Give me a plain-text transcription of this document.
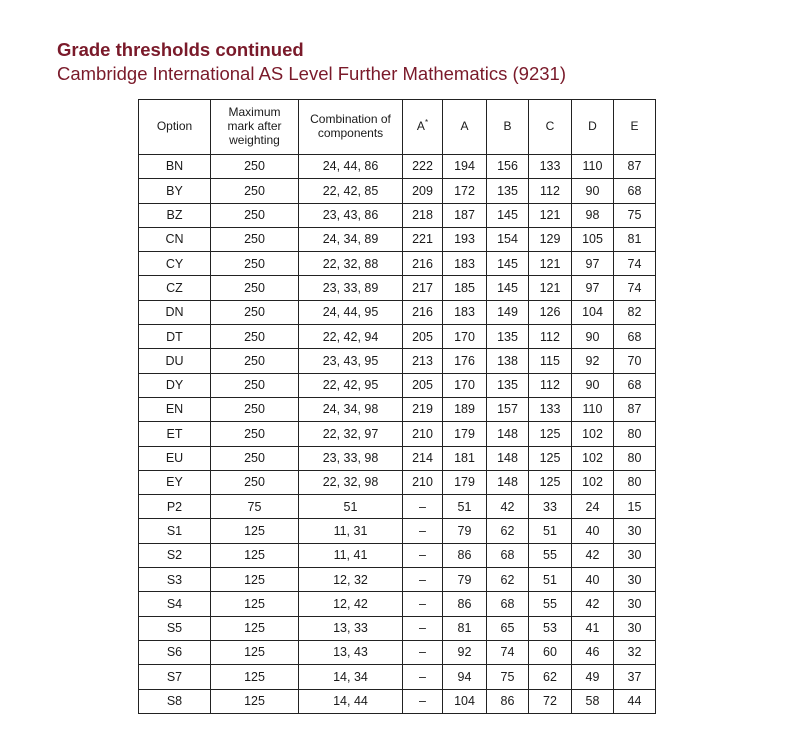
Grade thresholds continued
Cambridge International AS Level Further Mathematics (9231)
Option	Maximum mark after weighting	Combination of components	A*	A	B	C	D	E
BN	250	24, 44, 86	222	194	156	133	110	87
BY	250	22, 42, 85	209	172	135	112	90	68
BZ	250	23, 43, 86	218	187	145	121	98	75
CN	250	24, 34, 89	221	193	154	129	105	81
CY	250	22, 32, 88	216	183	145	121	97	74
CZ	250	23, 33, 89	217	185	145	121	97	74
DN	250	24, 44, 95	216	183	149	126	104	82
DT	250	22, 42, 94	205	170	135	112	90	68
DU	250	23, 43, 95	213	176	138	115	92	70
DY	250	22, 42, 95	205	170	135	112	90	68
EN	250	24, 34, 98	219	189	157	133	110	87
ET	250	22, 32, 97	210	179	148	125	102	80
EU	250	23, 33, 98	214	181	148	125	102	80
EY	250	22, 32, 98	210	179	148	125	102	80
P2	75	51	–	51	42	33	24	15
S1	125	11, 31	–	79	62	51	40	30
S2	125	11, 41	–	86	68	55	42	30
S3	125	12, 32	–	79	62	51	40	30
S4	125	12, 42	–	86	68	55	42	30
S5	125	13, 33	–	81	65	53	41	30
S6	125	13, 43	–	92	74	60	46	32
S7	125	14, 34	–	94	75	62	49	37
S8	125	14, 44	–	104	86	72	58	44
